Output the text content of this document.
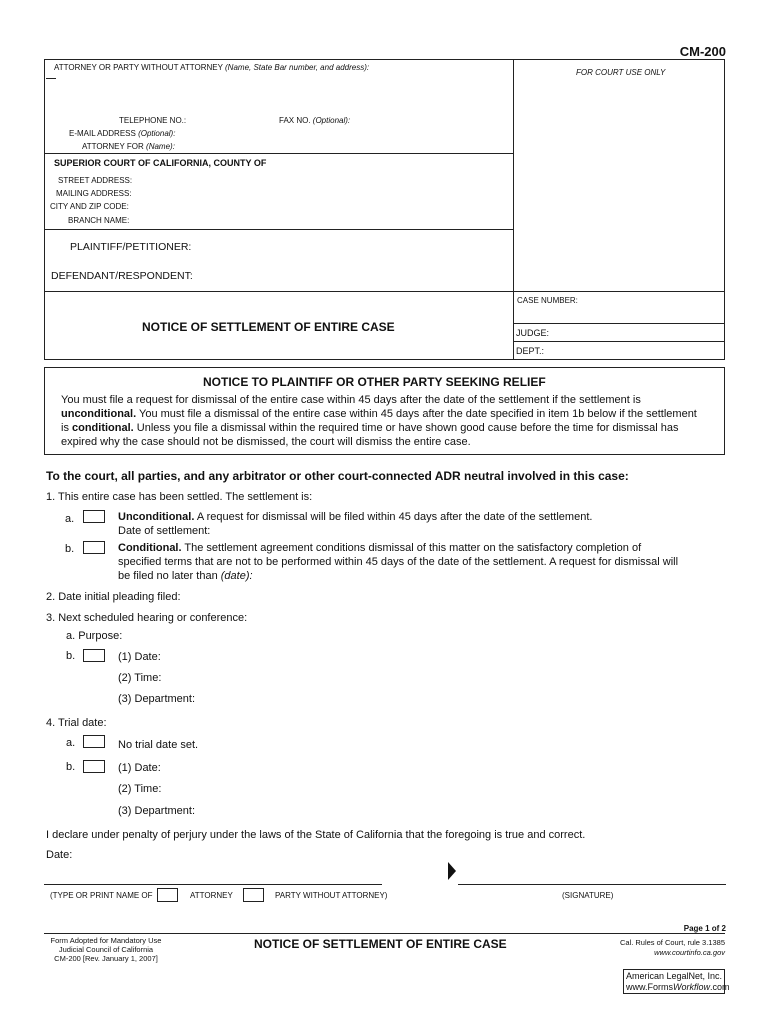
CM-200
ATTORNEY OR PARTY WITHOUT ATTORNEY (Name, State Bar number, and address):
FOR COURT USE ONLY
TELEPHONE NO.:	FAX NO. (Optional):
E-MAIL ADDRESS (Optional):
ATTORNEY FOR (Name):
SUPERIOR COURT OF CALIFORNIA, COUNTY OF
STREET ADDRESS:
MAILING ADDRESS:
CITY AND ZIP CODE:
BRANCH NAME:
PLAINTIFF/PETITIONER:
DEFENDANT/RESPONDENT:
CASE NUMBER:
NOTICE OF SETTLEMENT OF ENTIRE CASE	JUDGE:
DEPT.:
NOTICE TO PLAINTIFF OR OTHER PARTY SEEKING RELIEF
You must file a request for dismissal of the entire case within 45 days after the date of the settlement if the settlement is
unconditional. You must file a dismissal of the entire case within 45 days after the date specified in item 1b below if the settlement
is conditional. Unless you file a dismissal within the required time or have shown good cause before the time for dismissal has
expired why the case should not be dismissed, the court will dismiss the entire case.
To the court, all parties, and any arbitrator or other court-connected ADR neutral involved in this case:
1. This entire case has been settled. The settlement is:
a.	Unconditional. A request for dismissal will be filed within 45 days after the date of the settlement.
Date of settlement:
b.	Conditional. The settlement agreement conditions dismissal of this matter on the satisfactory completion of
specified terms that are not to be performed within 45 days of the date of the settlement. A request for dismissal will
be filed no later than (date):
2. Date initial pleading filed:
3. Next scheduled hearing or conference:
a. Purpose:
b.	(1) Date:
(2) Time:
(3) Department:
4. Trial date:
a.	No trial date set.
b.	(1) Date:
(2) Time:
(3) Department:
I declare under penalty of perjury under the laws of the State of California that the foregoing is true and correct.
Date:
(TYPE OR PRINT NAME OF	ATTORNEY	PARTY WITHOUT ATTORNEY)	(SIGNATURE)
Page 1 of 2
Form Adopted for Mandatory Use
Judicial Council of California
CM-200 [Rev. January 1, 2007]
NOTICE OF SETTLEMENT OF ENTIRE CASE	Cal. Rules of Court, rule 3.1385
www.courtinfo.ca.gov
American LegalNet, Inc.
www.FormsWorkflow.com
